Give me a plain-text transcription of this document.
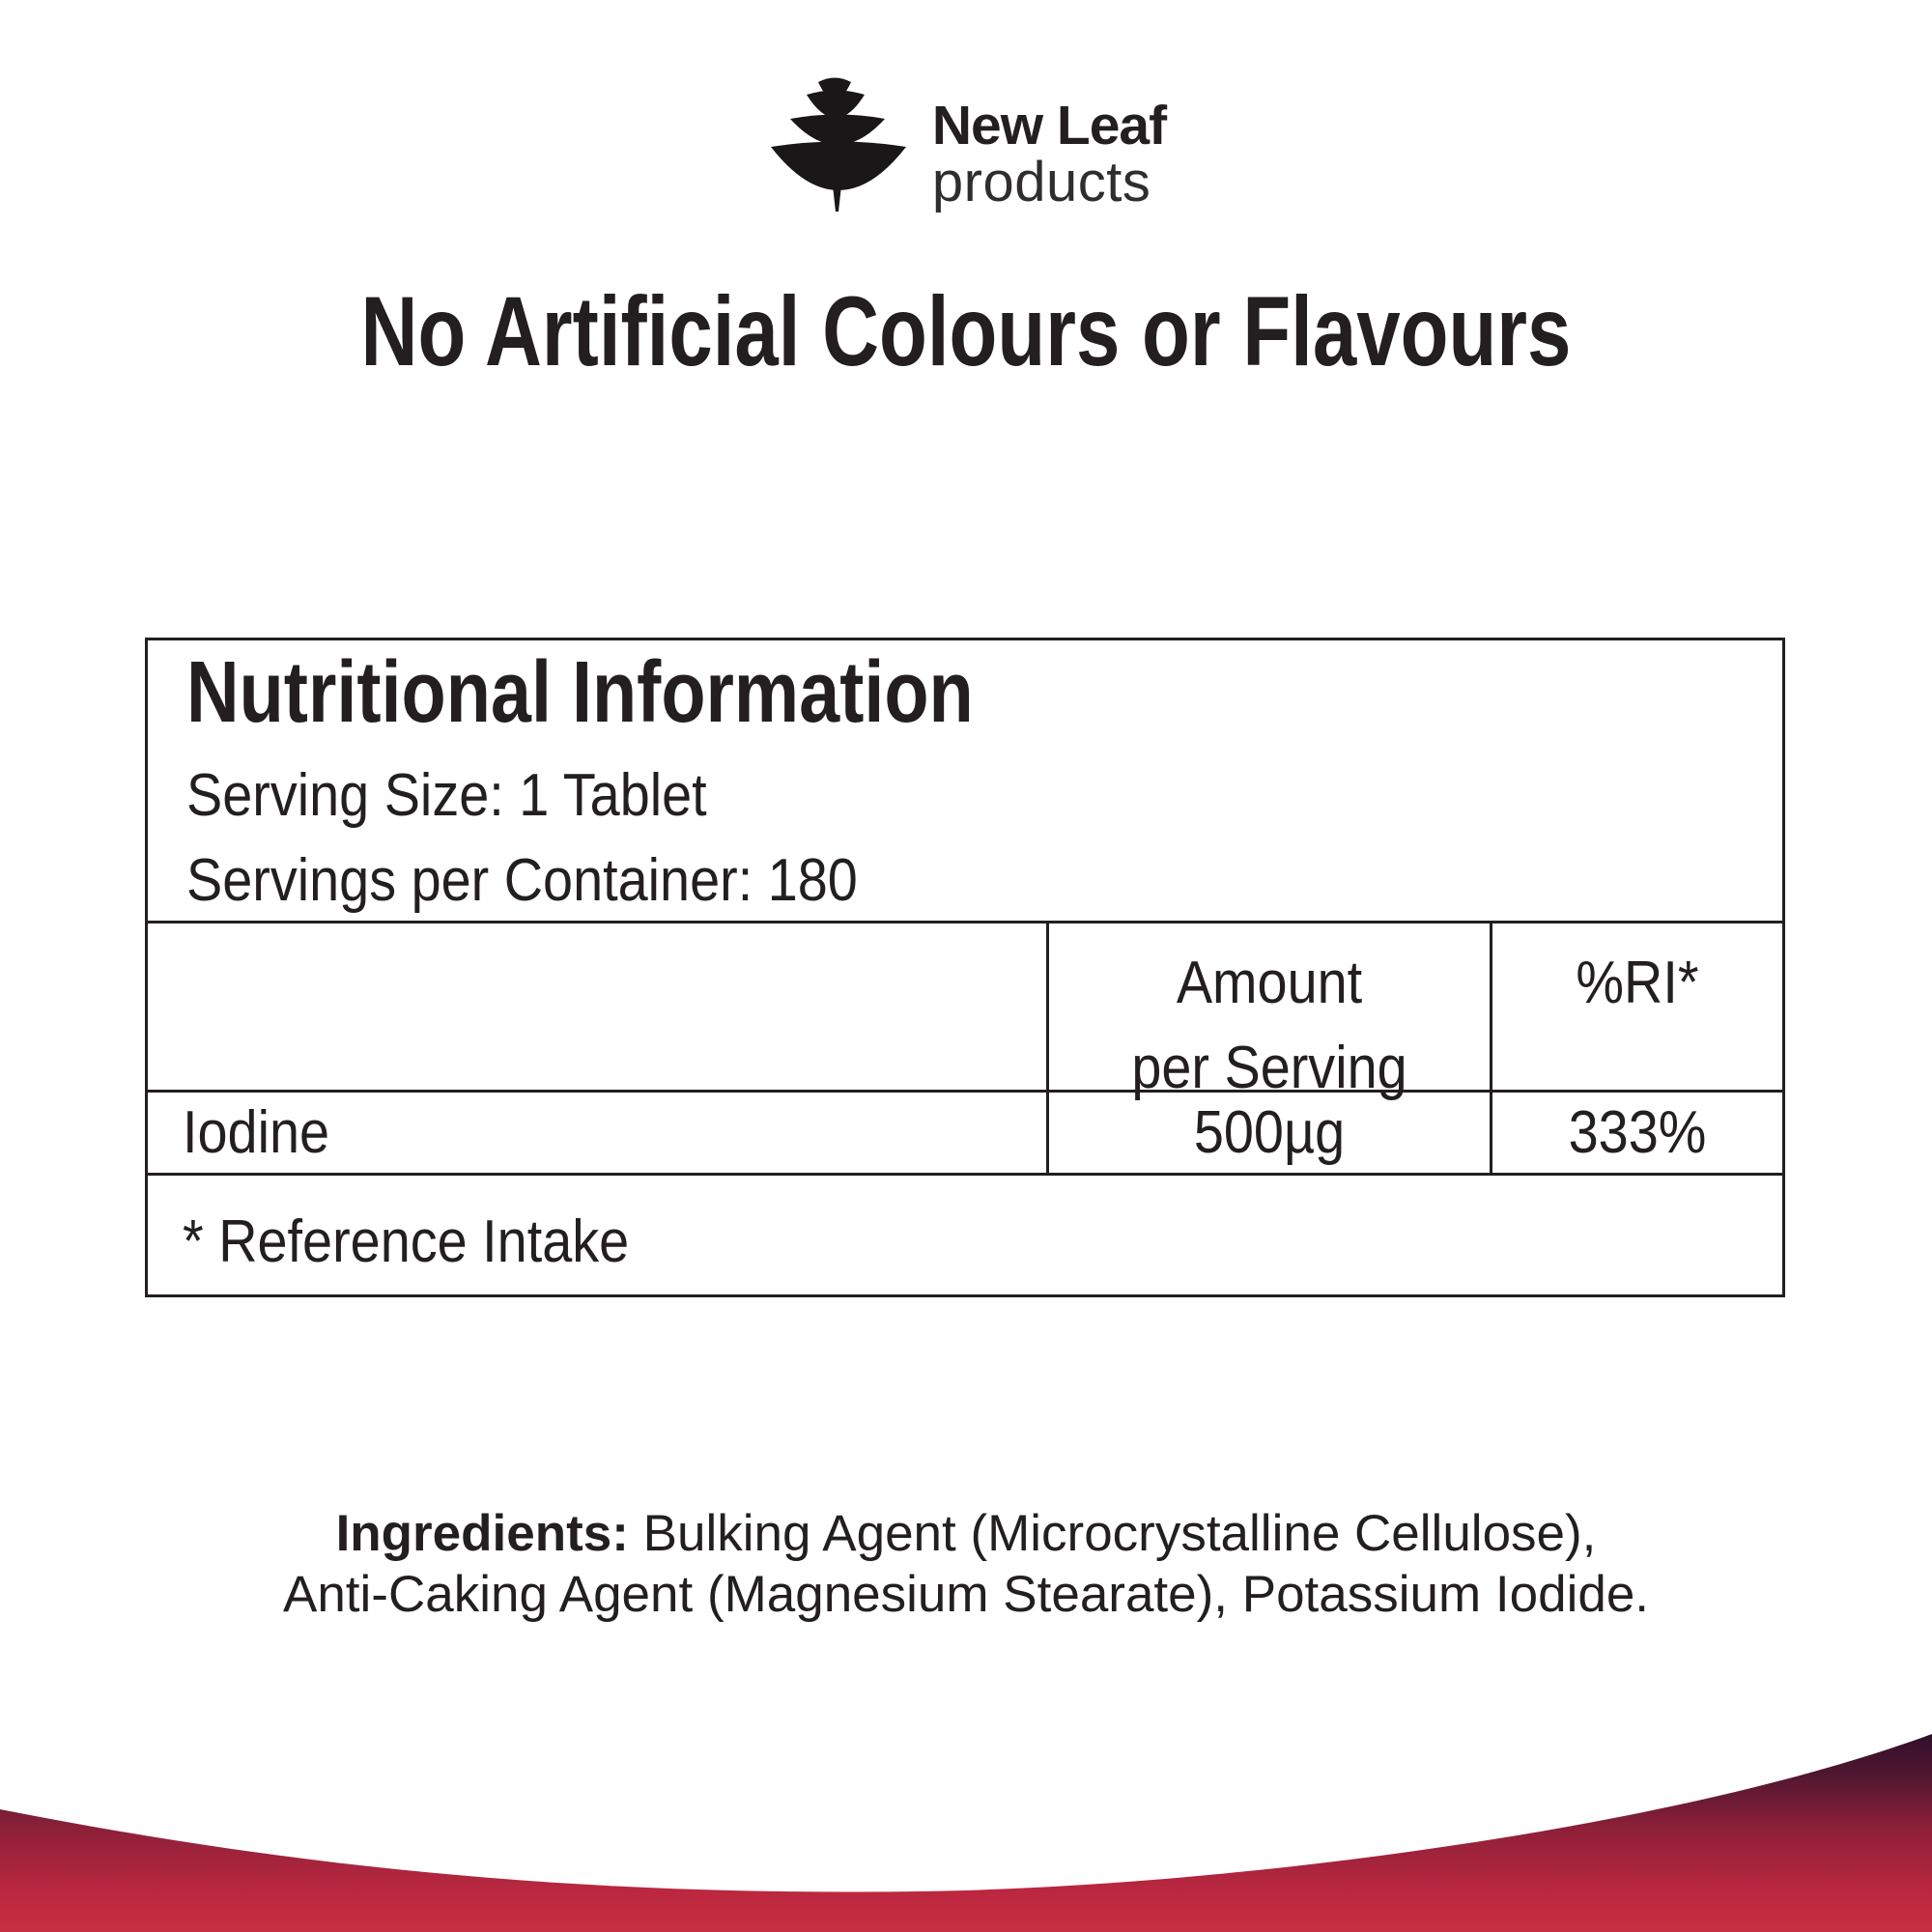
New Leaf
products
No Artificial Colours or Flavours
Nutritional Information
Serving Size: 1 Tablet
Servings per Container: 180
Amount
per Serving
%RI*
Iodine	500µg	333%
* Reference Intake

Ingredients: Bulking Agent (Microcrystalline Cellulose),
Anti-Caking Agent (Magnesium Stearate), Potassium Iodide.
